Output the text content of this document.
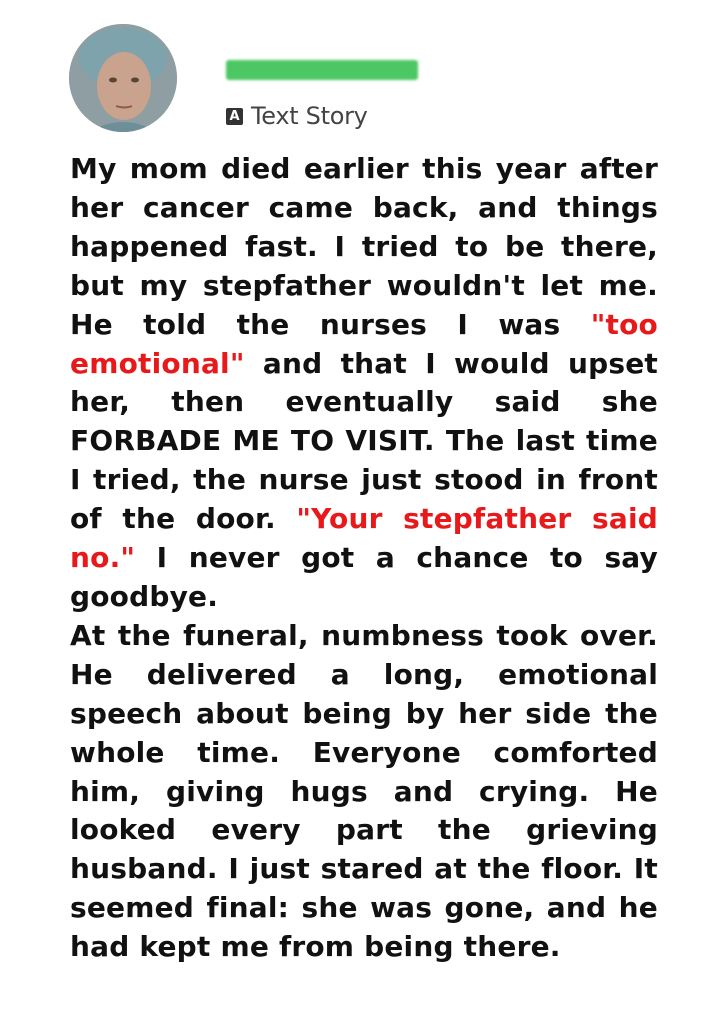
A Text Story

My mom died earlier this year after her cancer came back, and things happened fast. I tried to be there, but my stepfather wouldn't let me. He told the nurses I was "too emotional" and that I would upset her, then eventually said she FORBADE ME TO VISIT. The last time I tried, the nurse just stood in front of the door. "Your stepfather said no." I never got a chance to say goodbye.

At the funeral, numbness took over. He delivered a long, emotional speech about being by her side the whole time. Everyone comforted him, giving hugs and crying. He looked every part the grieving husband. I just stared at the floor. It seemed final: she was gone, and he had kept me from being there.
